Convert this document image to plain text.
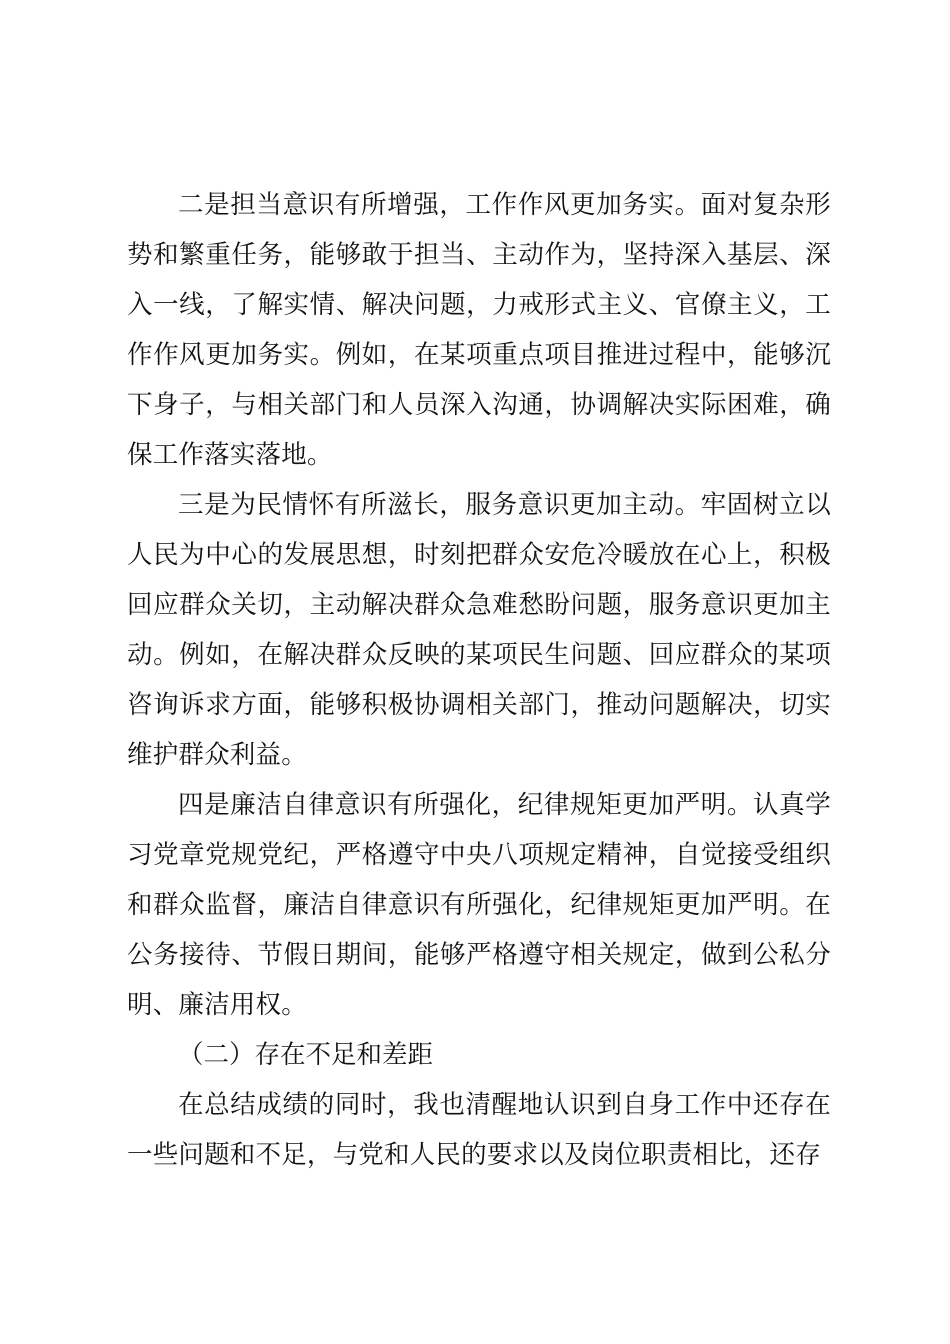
二是担当意识有所增强，工作作风更加务实。面对复杂形势和繁重任务，能够敢于担当、主动作为，坚持深入基层、深入一线，了解实情、解决问题，力戒形式主义、官僚主义，工作作风更加务实。例如，在某项重点项目推进过程中，能够沉下身子，与相关部门和人员深入沟通，协调解决实际困难，确保工作落实落地。

三是为民情怀有所滋长，服务意识更加主动。牢固树立以人民为中心的发展思想，时刻把群众安危冷暖放在心上，积极回应群众关切，主动解决群众急难愁盼问题，服务意识更加主动。例如，在解决群众反映的某项民生问题、回应群众的某项咨询诉求方面，能够积极协调相关部门，推动问题解决，切实维护群众利益。

四是廉洁自律意识有所强化，纪律规矩更加严明。认真学习党章党规党纪，严格遵守中央八项规定精神，自觉接受组织和群众监督，廉洁自律意识有所强化，纪律规矩更加严明。在公务接待、节假日期间，能够严格遵守相关规定，做到公私分明、廉洁用权。

（二）存在不足和差距

在总结成绩的同时，我也清醒地认识到自身工作中还存在一些问题和不足，与党和人民的要求以及岗位职责相比，还存
